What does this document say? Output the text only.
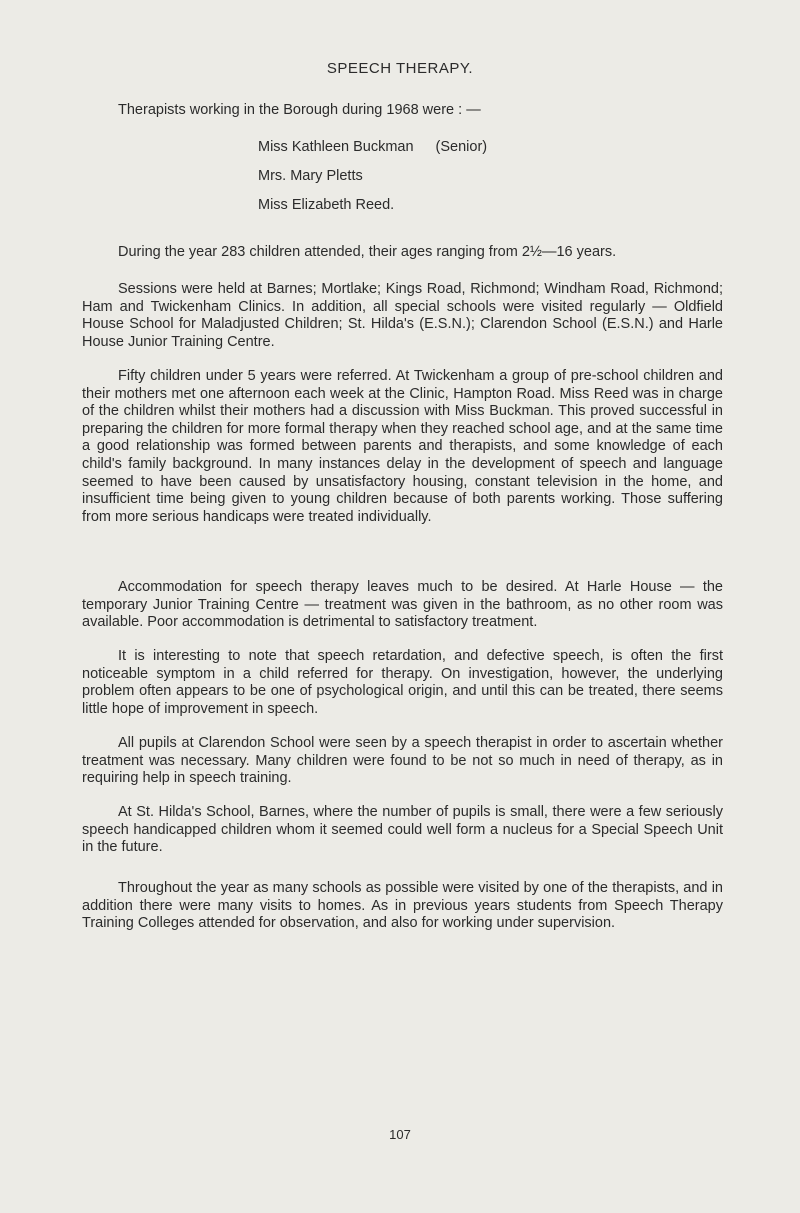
SPEECH THERAPY.

Therapists working in the Borough during 1968 were : —

Miss Kathleen Buckman (Senior)
Mrs. Mary Pletts
Miss Elizabeth Reed.

During the year 283 children attended, their ages ranging from 2½—16 years.

Sessions were held at Barnes; Mortlake; Kings Road, Richmond; Windham Road, Richmond; Ham and Twickenham Clinics. In addition, all special schools were visited regularly — Oldfield House School for Maladjusted Children; St. Hilda's (E.S.N.); Clarendon School (E.S.N.) and Harle House Junior Training Centre.

Fifty children under 5 years were referred. At Twickenham a group of pre-school children and their mothers met one afternoon each week at the Clinic, Hampton Road. Miss Reed was in charge of the children whilst their mothers had a discussion with Miss Buckman. This proved successful in preparing the children for more formal therapy when they reached school age, and at the same time a good relationship was formed between parents and therapists, and some knowledge of each child's family background. In many instances delay in the development of speech and language seemed to have been caused by unsatisfactory housing, constant television in the home, and insufficient time being given to young children because of both parents working. Those suffering from more serious handicaps were treated individually.

Accommodation for speech therapy leaves much to be desired. At Harle House — the temporary Junior Training Centre — treatment was given in the bathroom, as no other room was available. Poor accommodation is detrimental to satisfactory treatment.

It is interesting to note that speech retardation, and defective speech, is often the first noticeable symptom in a child referred for therapy. On investigation, however, the underlying problem often appears to be one of psychological origin, and until this can be treated, there seems little hope of improvement in speech.

All pupils at Clarendon School were seen by a speech therapist in order to ascertain whether treatment was necessary. Many children were found to be not so much in need of therapy, as in requiring help in speech training.

At St. Hilda's School, Barnes, where the number of pupils is small, there were a few seriously speech handicapped children whom it seemed could well form a nucleus for a Special Speech Unit in the future.

Throughout the year as many schools as possible were visited by one of the therapists, and in addition there were many visits to homes. As in previous years students from Speech Therapy Training Colleges attended for observation, and also for working under supervision.

107
